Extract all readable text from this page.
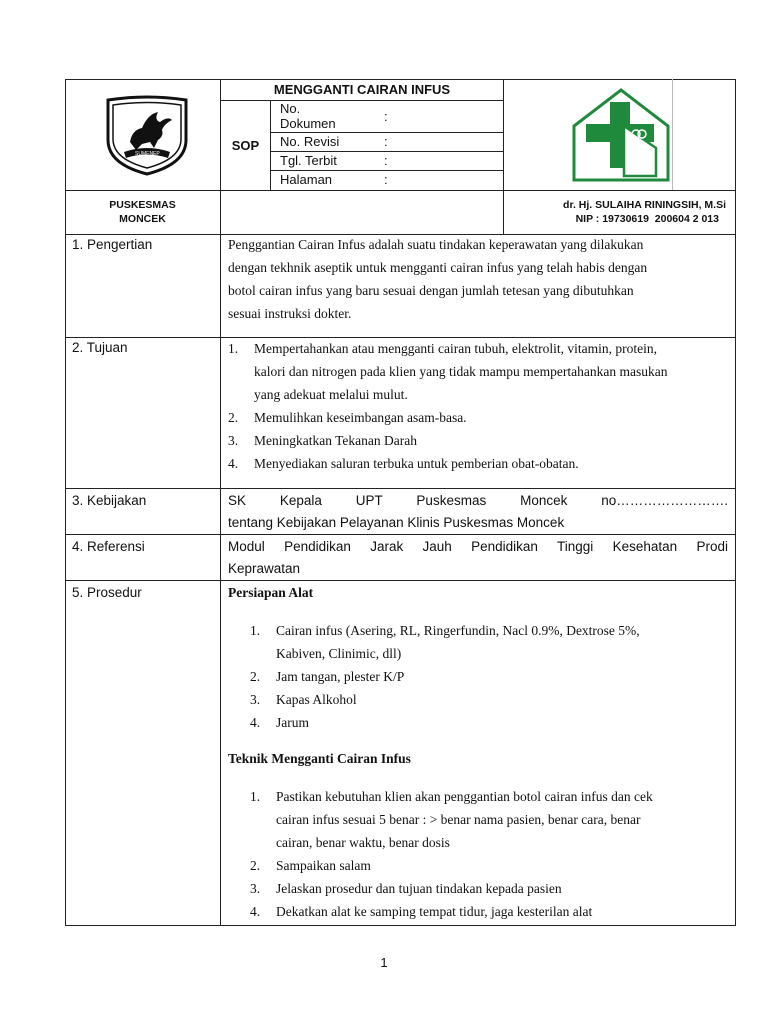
SUMENEP
MENGGANTI CAIRAN INFUS
SOP
No. Dokumen	:
No. Revisi	:
Tgl. Terbit	:
Halaman	:
PUSKESMAS
MONCEK
dr. Hj. SULAIHA RININGSIH, M.Si
NIP : 19730619  200604 2 013
1. Pengertian	Penggantian Cairan Infus adalah suatu tindakan keperawatan yang dilakukan
dengan tekhnik aseptik untuk mengganti cairan infus yang telah habis dengan
botol cairan infus yang baru sesuai dengan jumlah tetesan yang dibutuhkan
sesuai instruksi dokter.
2. Tujuan	1. Mempertahankan atau mengganti cairan tubuh, elektrolit, vitamin, protein,
kalori dan nitrogen pada klien yang tidak mampu mempertahankan masukan
yang adekuat melalui mulut.
2. Memulihkan keseimbangan asam-basa.
3. Meningkatkan Tekanan Darah
4. Menyediakan saluran terbuka untuk pemberian obat-obatan.
3. Kebijakan	SK  Kepala  UPT  Puskesmas  Moncek  no…………………….
tentang Kebijakan Pelayanan Klinis Puskesmas Moncek
4. Referensi	Modul  Pendidikan  Jarak  Jauh  Pendidikan  Tinggi  Kesehatan  Prodi
Keprawatan
5. Prosedur	Persiapan Alat
1. Cairan infus (Asering, RL, Ringerfundin, Nacl 0.9%, Dextrose 5%,
Kabiven, Clinimic, dll)
2. Jam tangan, plester K/P
3. Kapas Alkohol
4. Jarum
Teknik Mengganti Cairan Infus
1. Pastikan kebutuhan klien akan penggantian botol cairan infus dan cek
cairan infus sesuai 5 benar : > benar nama pasien, benar cara, benar
cairan, benar waktu, benar dosis
2. Sampaikan salam
3. Jelaskan prosedur dan tujuan tindakan kepada pasien
4. Dekatkan alat ke samping tempat tidur, jaga kesterilan alat
1
